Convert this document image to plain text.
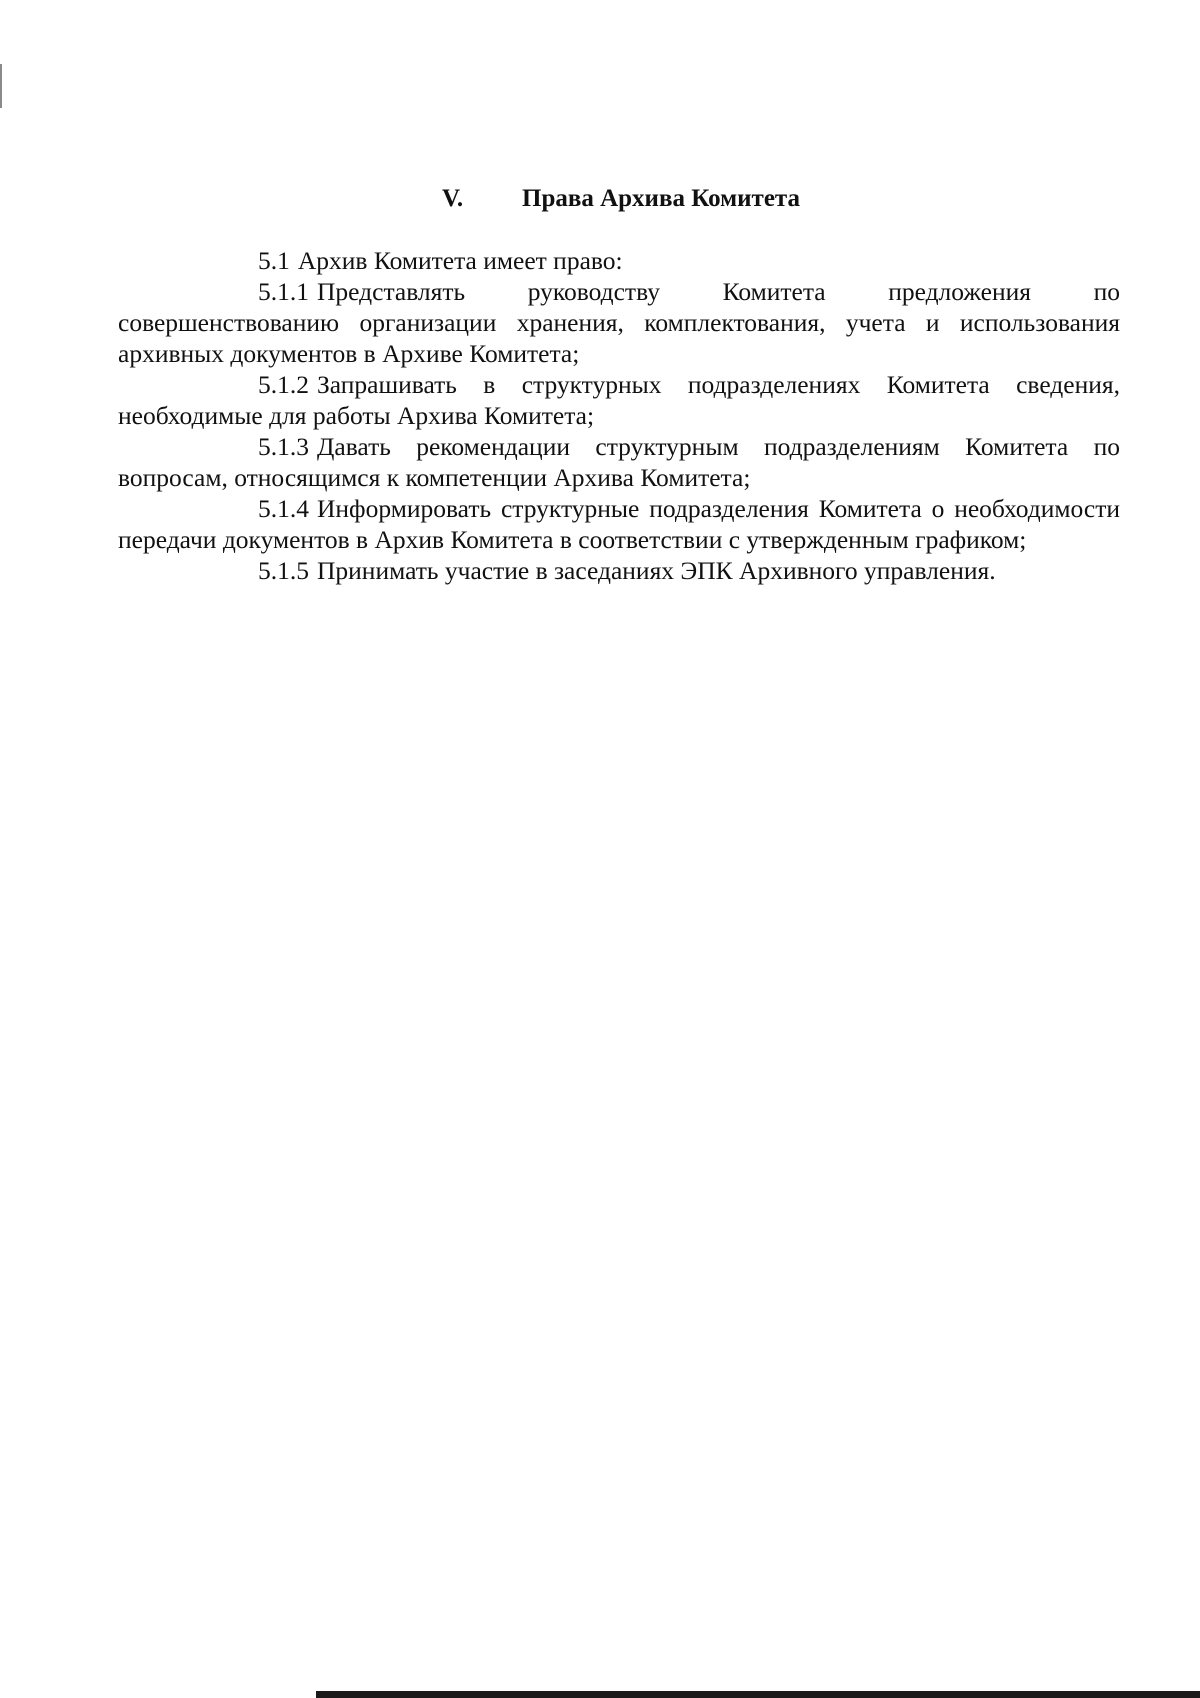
V. Права Архива Комитета

5.1 Архив Комитета имеет право:

5.1.1 Представлять руководству Комитета предложения по совершенствованию организации хранения, комплектования, учета и использования архивных документов в Архиве Комитета;

5.1.2 Запрашивать в структурных подразделениях Комитета сведения, необходимые для работы Архива Комитета;

5.1.3 Давать рекомендации структурным подразделениям Комитета по вопросам, относящимся к компетенции Архива Комитета;

5.1.4 Информировать структурные подразделения Комитета о необходимости передачи документов в Архив Комитета в соответствии с утвержденным графиком;

5.1.5 Принимать участие в заседаниях ЭПК Архивного управления.
